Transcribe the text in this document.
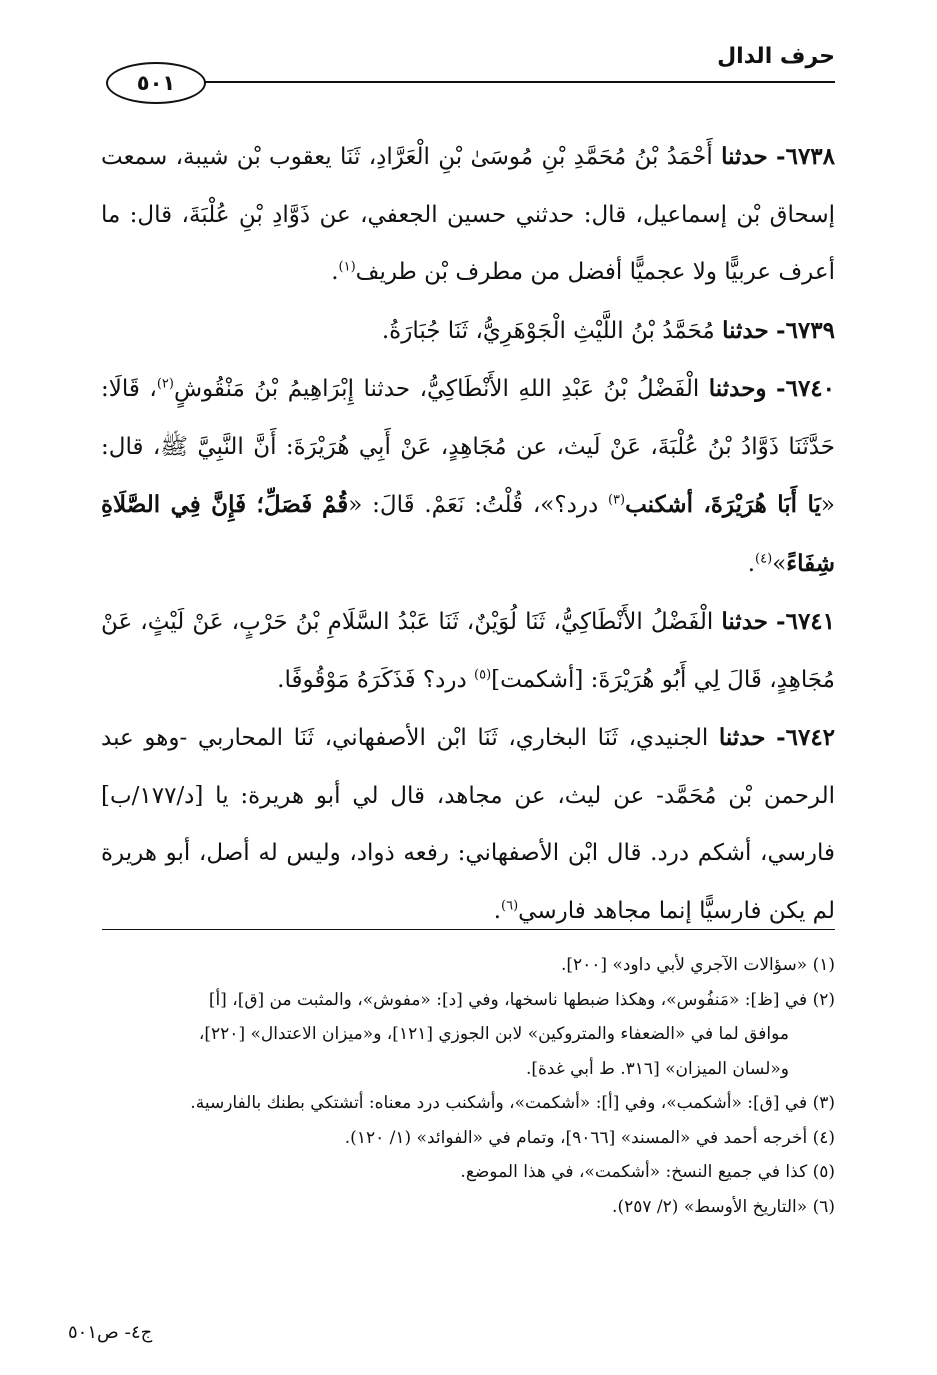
حرف الدال
٥٠١

٦٧٣٨- حدثنا أَحْمَدُ بْنُ مُحَمَّدِ بْنِ مُوسَىٰ بْنِ الْعَرَّادِ، ثَنَا يعقوب بْن شيبة، سمعت إسحاق بْن إسماعيل، قال: حدثني حسين الجعفي، عن ذَوَّادِ بْنِ عُلْبَةَ، قال: ما أعرف عربيًّا ولا عجميًّا أفضل من مطرف بْن طريف$^{(١)}$.

٦٧٣٩- حدثنا مُحَمَّدُ بْنُ اللَّيْثِ الْجَوْهَرِيُّ، ثَنَا جُبَارَةُ.

٦٧٤٠- وحدثنا الْفَضْلُ بْنُ عَبْدِ اللهِ الأَنْطَاكِيُّ، حدثنا إِبْرَاهِيمُ بْنُ مَنْقُوشٍ$^{(٢)}$، قَالَا: حَدَّثَنَا ذَوَّادُ بْنُ عُلْبَةَ، عَنْ لَيث، عن مُجَاهِدٍ، عَنْ أَبِي هُرَيْرَةَ: أَنَّ النَّبِيَّ ﷺ، قال: «يَا أَبَا هُرَيْرَةَ، أشكنب$^{(٣)}$ درد؟»، قُلْتُ: نَعَمْ. قَالَ: «قُمْ فَصَلِّ؛ فَإِنَّ فِي الصَّلَاةِ شِفَاءً»$^{(٤)}$.

٦٧٤١- حدثنا الْفَضْلُ الأَنْطَاكِيُّ، ثَنَا لُوَيْنٌ، ثَنَا عَبْدُ السَّلَامِ بْنُ حَرْبٍ، عَنْ لَيْثٍ، عَنْ مُجَاهِدٍ، قَالَ لِي أَبُو هُرَيْرَةَ: [أشكمت]$^{(٥)}$ درد؟ فَذَكَرَهُ مَوْقُوفًا.

٦٧٤٢- حدثنا الجنيدي، ثَنَا البخاري، ثَنَا ابْن الأصفهاني، ثَنَا المحاربي -وهو عبد الرحمن بْن مُحَمَّد- عن ليث، عن مجاهد، قال لي أبو هريرة: يا [د/١٧٧/ب] فارسي، أشكم درد. قال ابْن الأصفهاني: رفعه ذواد، وليس له أصل، أبو هريرة لم يكن فارسيًّا إنما مجاهد فارسي$^{(٦)}$.

(١) «سؤالات الآجري لأبي داود» [٢٠٠].

(٢) في [ظ]: «مَنفُوس»، وهكذا ضبطها ناسخها، وفي [د]: «مفوش»، والمثبت من [ق]، [أ]

موافق لما في «الضعفاء والمتروكين» لابن الجوزي [١٢١]، و«ميزان الاعتدال» [٢٢٠]،

و«لسان الميزان» [٣١٦. ط أبي غدة].

(٣) في [ق]: «أشكمب»، وفي [أ]: «أشكمت»، وأشكنب درد معناه: أتشتكي بطنك بالفارسية.

(٤) أخرجه أحمد في «المسند» [٩٠٦٦]، وتمام في «الفوائد» (١/ ١٢٠).

(٥) كذا في جميع النسخ: «أشكمت»، في هذا الموضع.

(٦) «التاريخ الأوسط» (٢/ ٢٥٧).

ج٤- ص٥٠١
